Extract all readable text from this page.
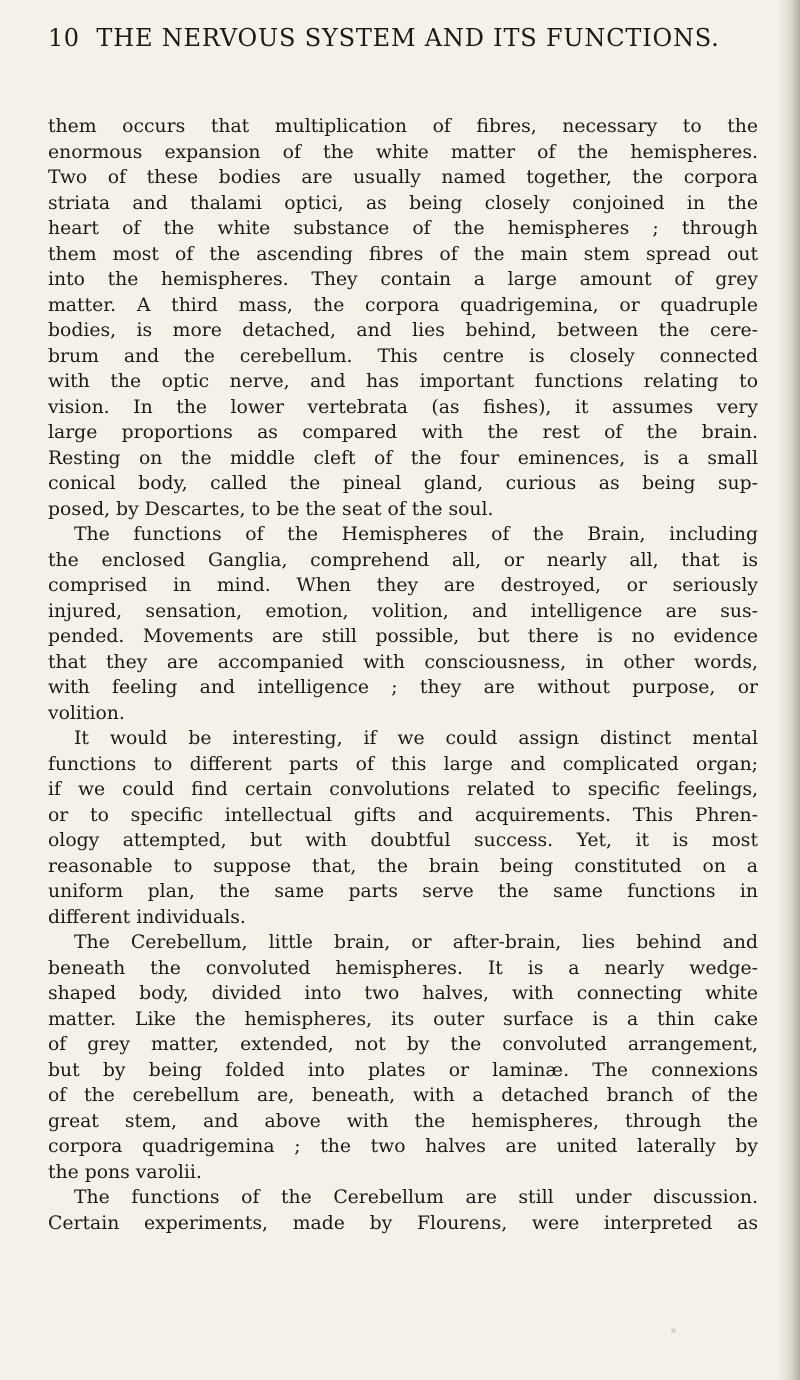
10 THE NERVOUS SYSTEM AND ITS FUNCTIONS.
them occurs that multiplication of fibres, necessary to the
enormous expansion of the white matter of the hemispheres.
Two of these bodies are usually named together, the corpora
striata and thalami optici, as being closely conjoined in the
heart of the white substance of the hemispheres ; through
them most of the ascending fibres of the main stem spread out
into the hemispheres. They contain a large amount of grey
matter. A third mass, the corpora quadrigemina, or quadruple
bodies, is more detached, and lies behind, between the cere-
brum and the cerebellum. This centre is closely connected
with the optic nerve, and has important functions relating to
vision. In the lower vertebrata (as fishes), it assumes very
large proportions as compared with the rest of the brain.
Resting on the middle cleft of the four eminences, is a small
conical body, called the pineal gland, curious as being sup-
posed, by Descartes, to be the seat of the soul.
The functions of the Hemispheres of the Brain, including
the enclosed Ganglia, comprehend all, or nearly all, that is
comprised in mind. When they are destroyed, or seriously
injured, sensation, emotion, volition, and intelligence are sus-
pended. Movements are still possible, but there is no evidence
that they are accompanied with consciousness, in other words,
with feeling and intelligence ; they are without purpose, or
volition.
It would be interesting, if we could assign distinct mental
functions to different parts of this large and complicated organ;
if we could find certain convolutions related to specific feelings,
or to specific intellectual gifts and acquirements. This Phren-
ology attempted, but with doubtful success. Yet, it is most
reasonable to suppose that, the brain being constituted on a
uniform plan, the same parts serve the same functions in
different individuals.
The Cerebellum, little brain, or after-brain, lies behind and
beneath the convoluted hemispheres. It is a nearly wedge-
shaped body, divided into two halves, with connecting white
matter. Like the hemispheres, its outer surface is a thin cake
of grey matter, extended, not by the convoluted arrangement,
but by being folded into plates or laminæ. The connexions
of the cerebellum are, beneath, with a detached branch of the
great stem, and above with the hemispheres, through the
corpora quadrigemina ; the two halves are united laterally by
the pons varolii.
The functions of the Cerebellum are still under discussion.
Certain experiments, made by Flourens, were interpreted as
